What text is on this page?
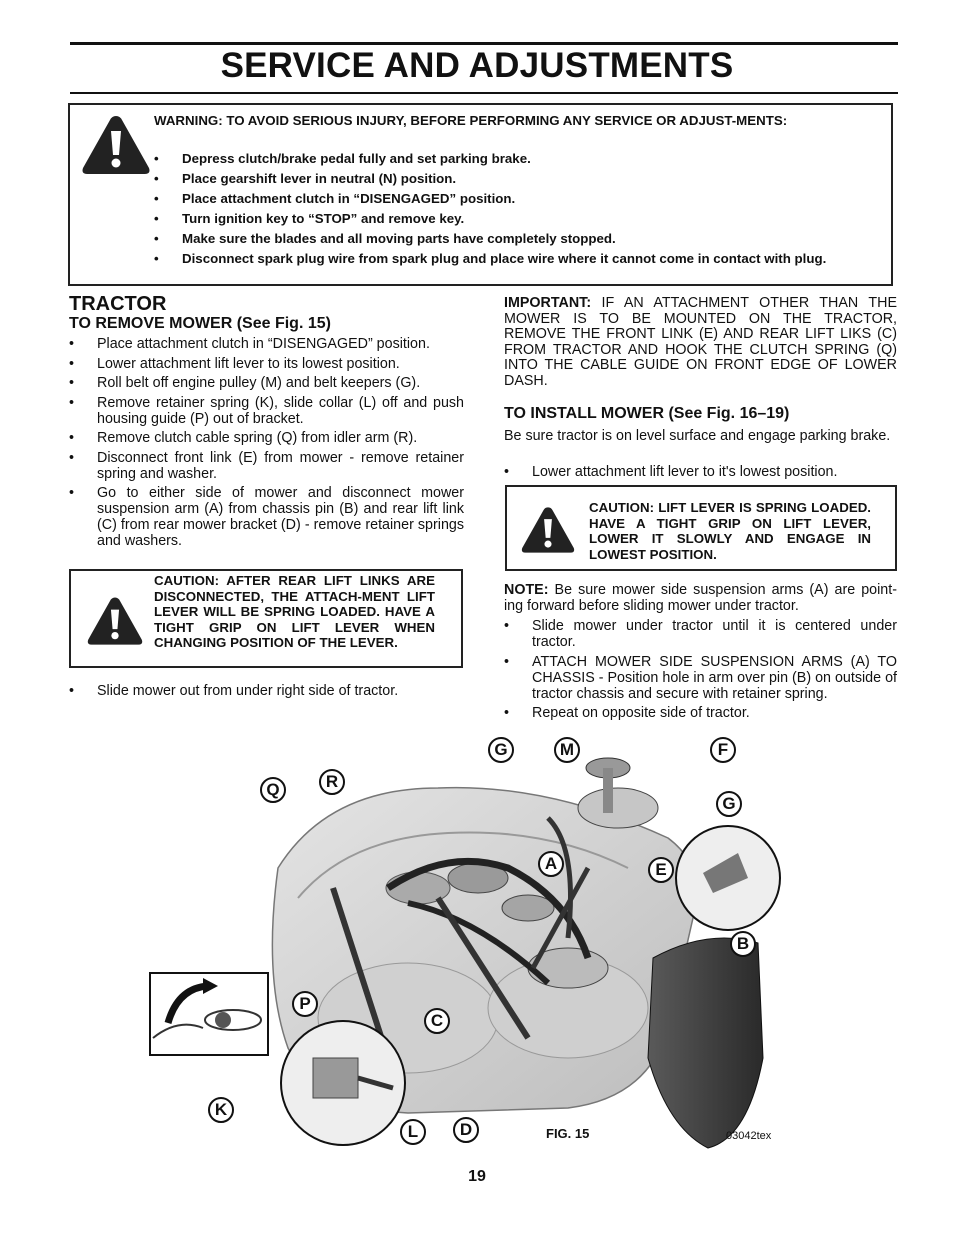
SERVICE AND ADJUSTMENTS
WARNING: TO AVOID SERIOUS INJURY, BEFORE PERFORMING ANY SERVICE OR ADJUST-MENTS:
• Depress clutch/brake pedal fully and set parking brake.
• Place gearshift lever in neutral (N) position.
• Place attachment clutch in “DISENGAGED” position.
• Turn ignition key to “STOP” and remove key.
• Make sure the blades and all moving parts have completely stopped.
• Disconnect spark plug wire from spark plug and place wire where it cannot come in contact with plug.
TRACTOR
TO REMOVE MOWER (See Fig. 15)
• Place attachment clutch in “DISENGAGED” position.
• Lower attachment lift lever to its lowest position.
• Roll belt off engine pulley (M) and belt keepers (G).
• Remove retainer spring (K), slide collar (L) off and push housing guide (P) out of bracket.
• Remove clutch cable spring (Q) from idler arm (R).
• Disconnect front link (E) from mower - remove retainer spring and washer.
• Go to either side of mower and disconnect mower suspension arm (A) from chassis pin (B) and rear lift link (C) from rear mower bracket (D) - remove retainer springs and washers.
CAUTION: AFTER REAR LIFT LINKS ARE DISCONNECTED, THE ATTACH-MENT LIFT LEVER WILL BE SPRING LOADED. HAVE A TIGHT GRIP ON LIFT LEVER WHEN CHANGING POSITION OF THE LEVER.
• Slide mower out from under right side of tractor.

IMPORTANT: IF AN ATTACHMENT OTHER THAN THE MOWER IS TO BE MOUNTED ON THE TRACTOR, REMOVE THE FRONT LINK (E) AND REAR LIFT LIKS (C) FROM TRACTOR AND HOOK THE CLUTCH SPRING (Q) INTO THE CABLE GUIDE ON FRONT EDGE OF LOWER DASH.

TO INSTALL MOWER (See Fig. 16–19)

Be sure tractor is on level surface and engage parking brake.

• Lower attachment lift lever to it's lowest position.
CAUTION: LIFT LEVER IS SPRING LOADED. HAVE A TIGHT GRIP ON LIFT LEVER, LOWER IT SLOWLY AND ENGAGE IN LOWEST POSITION.

NOTE: Be sure mower side suspension arms (A) are point-ing forward before sliding mower under tractor.

• Slide mower under tractor until it is centered under tractor.
• ATTACH MOWER SIDE SUSPENSION ARMS (A) TO CHASSIS - Position hole in arm over pin (B) on outside of tractor chassis and secure with retainer spring.
• Repeat on opposite side of tractor.
G	M	F
Q	R
G
A	E
B
P
C
K
L	D	FIG. 15	03042tex
19
